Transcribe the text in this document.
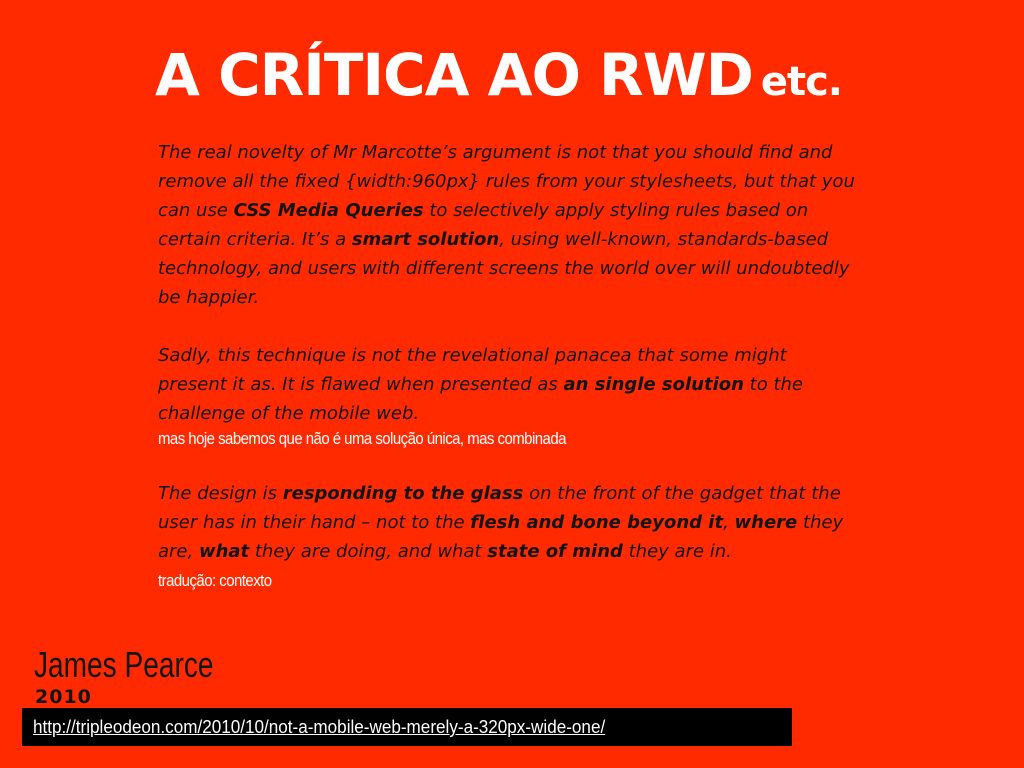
A CRÍTICA AO RWD etc.

The real novelty of Mr Marcotte’s argument is not that you should find and remove all the fixed {width:960px} rules from your stylesheets, but that you can use CSS Media Queries to selectively apply styling rules based on certain criteria. It’s a smart solution, using well-known, standards-based technology, and users with different screens the world over will undoubtedly be happier.

Sadly, this technique is not the revelational panacea that some might present it as. It is flawed when presented as an single solution to the challenge of the mobile web.

mas hoje sabemos que não é uma solução única, mas combinada

The design is responding to the glass on the front of the gadget that the user has in their hand – not to the flesh and bone beyond it, where they are, what they are doing, and what state of mind they are in.

tradução: contexto

James Pearce

2010

http://tripleodeon.com/2010/10/not-a-mobile-web-merely-a-320px-wide-one/
